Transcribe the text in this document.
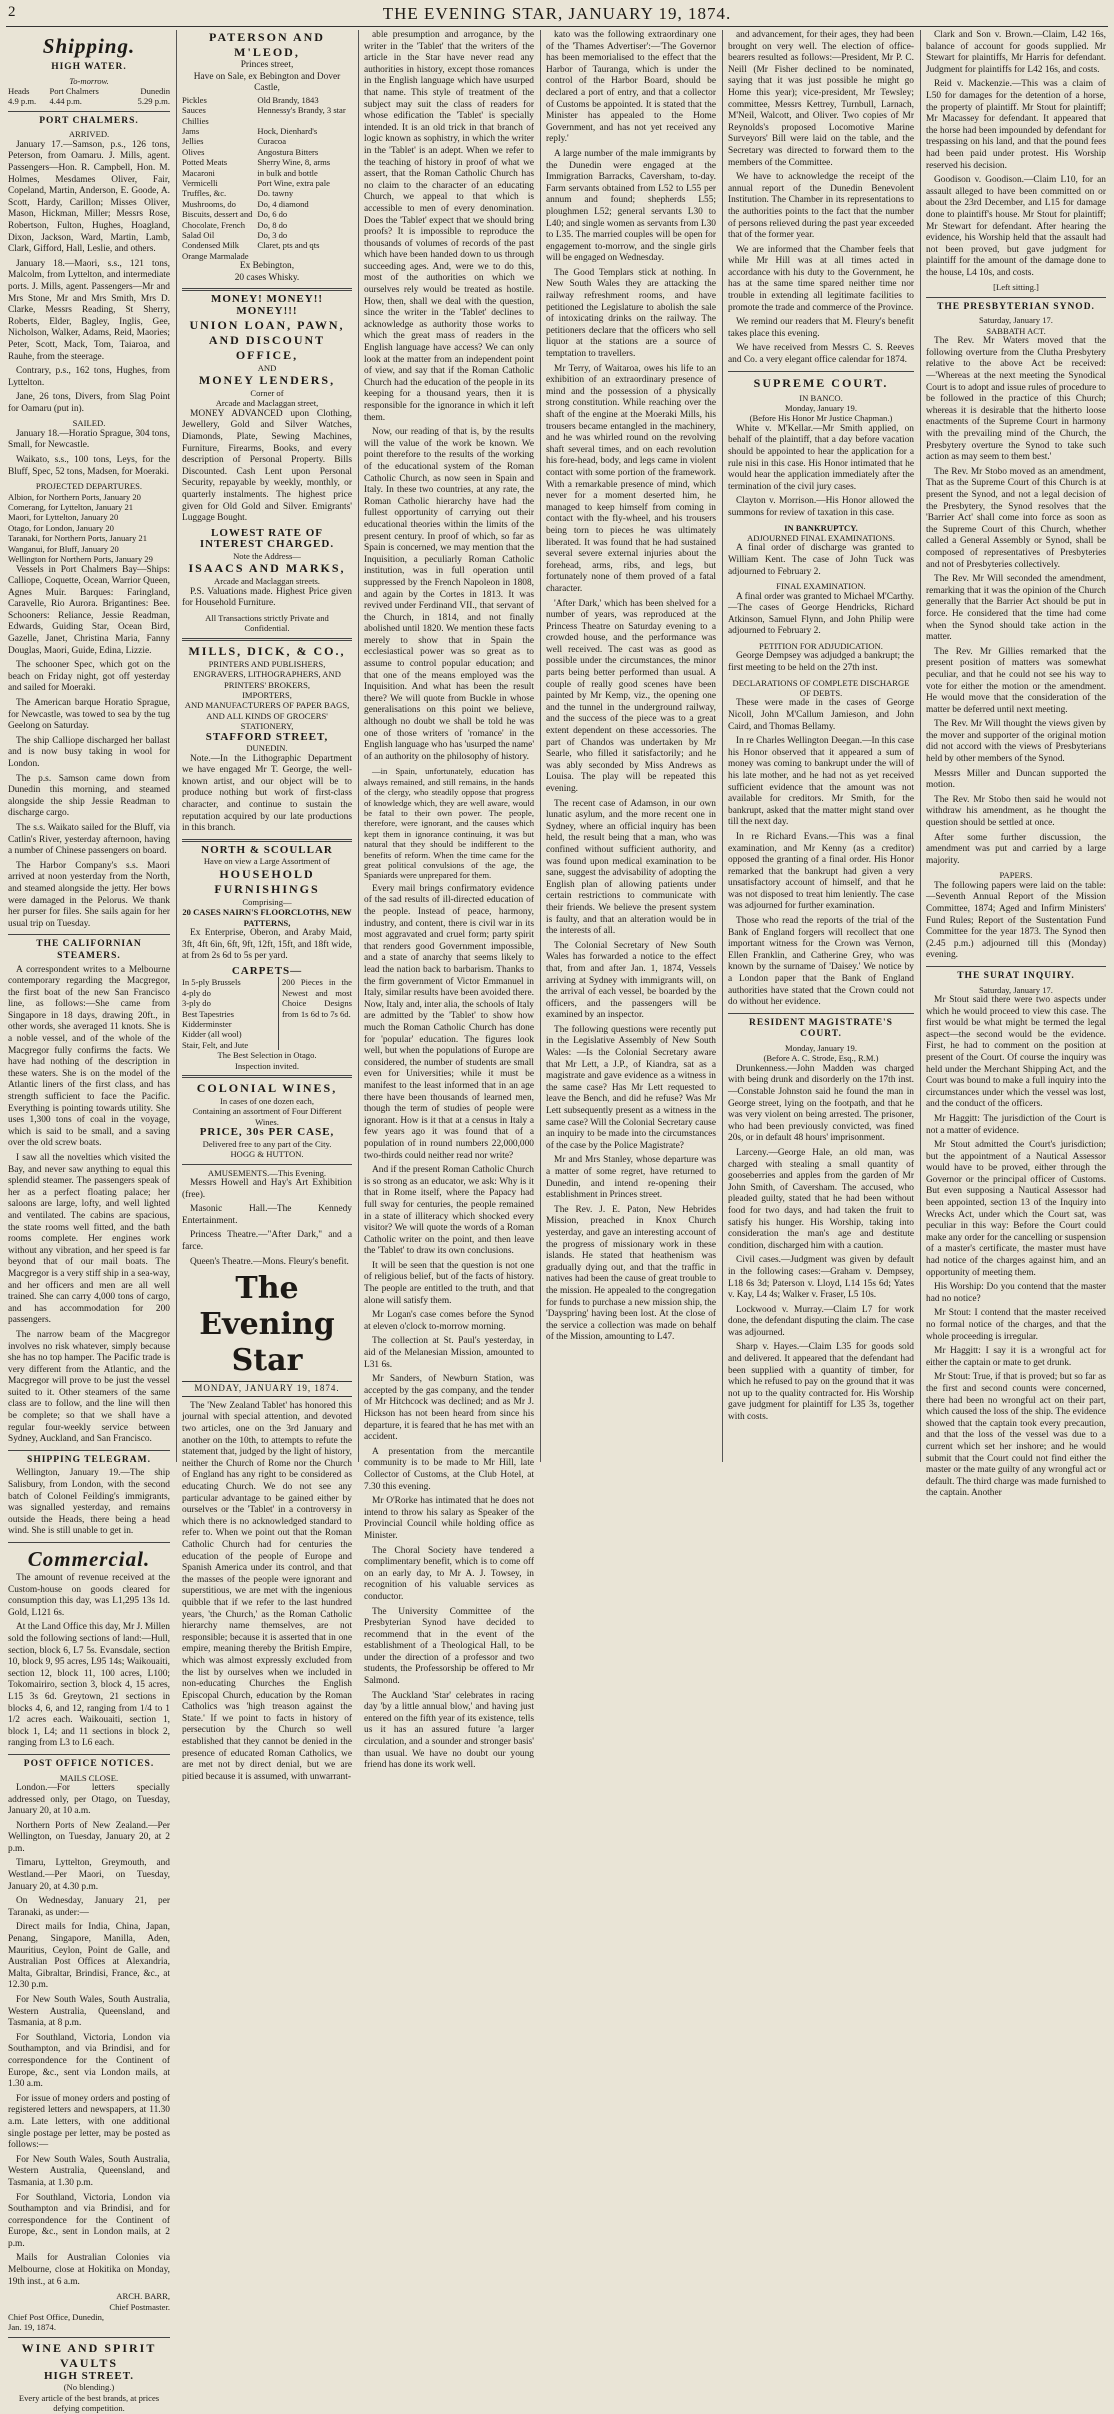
2	THE EVENING STAR, JANUARY 19, 1874.
Shipping.
HIGH WATER.
To-morrow.
Heads	Port Chalmers	Dunedin
4.9 p.m.	4.44 p.m.	5.29 p.m.
PORT CHALMERS.
ARRIVED.

January 17.—Samson, p.s., 126 tons, Peterson, from Oamaru. J. Mills, agent. Passengers—Hon. R. Campbell, Hon. M. Holmes, Mesdames Oliver, Fair, Copeland, Martin, Anderson, E. Goode, A. Scott, Hardy, Carillon; Misses Oliver, Mason, Hickman, Miller; Messrs Rose, Robertson, Fulton, Hughes, Hoagland, Dixon, Jackson, Ward, Martin, Lamb, Clark, Gifford, Hall, Leslie, and others.

January 18.—Maori, s.s., 121 tons, Malcolm, from Lyttelton, and intermediate ports. J. Mills, agent. Passengers—Mr and Mrs Stone, Mr and Mrs Smith, Mrs D. Clarke, Messrs Reading, St Sherry, Roberts, Elder, Bagley, Inglis, Gee, Nicholson, Walker, Adams, Reid, Maories; Peter, Scott, Mack, Tom, Taiaroa, and Rauhe, from the steerage.

Contrary, p.s., 162 tons, Hughes, from Lyttelton.

Jane, 26 tons, Divers, from Slag Point for Oamaru (put in).

SAILED.

January 18.—Horatio Sprague, 304 tons, Small, for Newcastle.

Waikato, s.s., 100 tons, Leys, for the Bluff, Spec, 52 tons, Madsen, for Moeraki.

PROJECTED DEPARTURES.
Albion, for Northern Ports, January 20
Comerang, for Lyttelton, January 21
Maori, for Lyttelton, January 20
Otago, for London, January 20
Taranaki, for Northern Ports, January 21
Wanganui, for Bluff, January 20
Wellington for Northern Ports, January 29

Vessels in Port Chalmers Bay—Ships: Calliope, Coquette, Ocean, Warrior Queen, Agnes Muir. Barques: Faringland, Caravelle, Rio Aurora. Brigantines: Bee. Schooners: Reliance, Jessie Readman, Edwards, Guiding Star, Ocean Bird, Gazelle, Janet, Christina Maria, Fanny Douglas, Maori, Guide, Edina, Lizzie.

The schooner Spec, which got on the beach on Friday night, got off yesterday and sailed for Moeraki.

The American barque Horatio Sprague, for Newcastle, was towed to sea by the tug Geelong on Saturday.

The ship Calliope discharged her ballast and is now busy taking in wool for London.

The p.s. Samson came down from Dunedin this morning, and steamed alongside the ship Jessie Readman to discharge cargo.

The s.s. Waikato sailed for the Bluff, via Catlin's River, yesterday afternoon, having a number of Chinese passengers on board.

The Harbor Company's s.s. Maori arrived at noon yesterday from the North, and steamed alongside the jetty. Her bows were damaged in the Pelorus. We thank her purser for files. She sails again for her usual trip on Tuesday.

THE CALIFORNIAN STEAMERS.

A correspondent writes to a Melbourne contemporary regarding the Macgregor, the first boat of the new San Francisco line, as follows:—She came from Singapore in 18 days, drawing 20ft., in other words, she averaged 11 knots. She is a noble vessel, and of the whole of the Macgregor fully confirms the facts. We have had nothing of the description in these waters. She is on the model of the Atlantic liners of the first class, and has strength sufficient to face the Pacific. Everything is pointing towards utility. She uses 1,300 tons of coal in the voyage, which is said to be small, and a saving over the old screw boats.

I saw all the novelties which visited the Bay, and never saw anything to equal this splendid steamer. The passengers speak of her as a perfect floating palace; her saloons are large, lofty, and well lighted and ventilated. The cabins are spacious, the state rooms well fitted, and the bath rooms complete. Her engines work without any vibration, and her speed is far beyond that of our mail boats. The Macgregor is a very stiff ship in a sea-way, and her officers and men are all well trained. She can carry 4,000 tons of cargo, and has accommodation for 200 passengers.

The narrow beam of the Macgregor involves no risk whatever, simply because she has no top hamper. The Pacific trade is very different from the Atlantic, and the Macgregor will prove to be just the vessel suited to it. Other steamers of the same class are to follow, and the line will then be complete; so that we shall have a regular four-weekly service between Sydney, Auckland, and San Francisco.

SHIPPING TELEGRAM.

Wellington, January 19.—The ship Salisbury, from London, with the second batch of Colonel Feilding's immigrants, was signalled yesterday, and remains outside the Heads, there being a head wind. She is still unable to get in.

Commercial.

The amount of revenue received at the Custom-house on goods cleared for consumption this day, was L1,295 13s 1d. Gold, L121 6s.

At the Land Office this day, Mr J. Millen sold the following sections of land:—Hull, section, block 6, L7 5s. Evansdale, section 10, block 9, 95 acres, L95 14s; Waikouaiti, section 12, block 11, 100 acres, L100; Tokomairiro, section 3, block 4, 15 acres, L15 3s 6d. Greytown, 21 sections in blocks 4, 6, and 12, ranging from 1/4 to 1 1/2 acres each. Waikouaiti, section 1, block 1, L4; and 11 sections in block 2, ranging from L3 to L6 each.

POST OFFICE NOTICES.
MAILS CLOSE.

London.—For letters specially addressed only, per Otago, on Tuesday, January 20, at 10 a.m.

Northern Ports of New Zealand.—Per Wellington, on Tuesday, January 20, at 2 p.m.

Timaru, Lyttelton, Greymouth, and Westland.—Per Maori, on Tuesday, January 20, at 4.30 p.m.

On Wednesday, January 21, per Taranaki, as under:—

Direct mails for India, China, Japan, Penang, Singapore, Manilla, Aden, Mauritius, Ceylon, Point de Galle, and Australian Post Offices at Alexandria, Malta, Gibraltar, Brindisi, France, &c., at 12.30 p.m.

For New South Wales, South Australia, Western Australia, Queensland, and Tasmania, at 8 p.m.

For Southland, Victoria, London via Southampton, and via Brindisi, and for correspondence for the Continent of Europe, &c., sent via London mails, at 1.30 a.m.

For issue of money orders and posting of registered letters and newspapers, at 11.30 a.m. Late letters, with one additional single postage per letter, may be posted as follows:—

For New South Wales, South Australia, Western Australia, Queensland, and Tasmania, at 1.30 p.m.

For Southland, Victoria, London via Southampton and via Brindisi, and for correspondence for the Continent of Europe, &c., sent in London mails, at 2 p.m.

Mails for Australian Colonies via Melbourne, close at Hokitika on Monday, 19th inst., at 6 a.m.

ARCH. BARR,
Chief Postmaster.
Chief Post Office, Dunedin,
Jan. 19, 1874.
WINE AND SPIRIT VAULTS
HIGH STREET.
(No blending.)
Every article of the best brands, at prices defying competition.
PATERSON AND M'LEOD,
Princes street,
Have on Sale, ex Bebington and Dover
Castle,
Pickles	Old Brandy, 1843
Sauces	Hennessy's Brandy, 3 star
Chillies	
Jams	Hock, Dienhard's
Jellies	Curacoa
Olives	Angostura Bitters
Potted Meats	Sherry Wine, 8, arms
Macaroni	in bulk and bottle
Vermicelli	Port Wine, extra pale
Truffles, &c.	Do. tawny
Mushrooms, do	Do, 4 diamond
Biscuits, dessert and	Do, 6 do
Chocolate, French	Do, 8 do
Salad Oil	Do, 3 do
Condensed Milk	Claret, pts and qts
Orange Marmalade	
Ex Bebington,
20 cases Whisky.
MONEY! MONEY!! MONEY!!!
UNION LOAN, PAWN, AND DISCOUNT OFFICE,
AND
MONEY LENDERS,
Corner of
Arcade and Maclaggan street,

MONEY ADVANCED upon Clothing, Jewellery, Gold and Silver Watches, Diamonds, Plate, Sewing Machines, Furniture, Firearms, Books, and every description of Personal Property. Bills Discounted. Cash Lent upon Personal Security, repayable by weekly, monthly, or quarterly instalments. The highest price given for Old Gold and Silver. Emigrants' Luggage Bought.

LOWEST RATE OF INTEREST CHARGED.
Note the Address—
ISAACS AND MARKS,
Arcade and Maclaggan streets.

P.S. Valuations made. Highest Price given for Household Furniture.

All Transactions strictly Private and Confidential.
MILLS, DICK, & CO.,
PRINTERS AND PUBLISHERS,
ENGRAVERS, LITHOGRAPHERS, AND PRINTERS' BROKERS,
IMPORTERS,
AND MANUFACTURERS OF PAPER BAGS, AND ALL KINDS OF GROCERS' STATIONERY,
STAFFORD STREET,
DUNEDIN.

Note.—In the Lithographic Department we have engaged Mr T. George, the well-known artist, and our object will be to produce nothing but work of first-class character, and continue to sustain the reputation acquired by our late productions in this branch.

NORTH & SCOULLAR
Have on view a Large Assortment of
HOUSEHOLD FURNISHINGS
Comprising—
20 CASES NAIRN'S FLOORCLOTHS, NEW PATTERNS,

Ex Enterprise, Oberon, and Araby Maid, 3ft, 4ft 6in, 6ft, 9ft, 12ft, 15ft, and 18ft wide, at from 2s 6d to 5s per yard.

CARPETS—
In 5-ply Brussels
4-ply do
3-ply do
Best Tapestries
Kidderminster
Kidder (all wool)
Stair, Felt, and Jute
200 Pieces in the Newest and most Choice Designs from 1s 6d to 7s 6d.
The Best Selection in Otago.
Inspection invited.
COLONIAL WINES,
In cases of one dozen each,
Containing an assortment of Four Different
Wines.
PRICE, 30s PER CASE,
Delivered free to any part of the City.
HOGG & HUTTON.
AMUSEMENTS.—This Evening.

Messrs Howell and Hay's Art Exhibition (free).

Masonic Hall.—The Kennedy Entertainment.

Princess Theatre.—"After Dark," and a farce.

Queen's Theatre.—Mons. Fleury's benefit.

The Evening Star
MONDAY, JANUARY 19, 1874.

The 'New Zealand Tablet' has honored this journal with special attention, and devoted two articles, one on the 3rd January and another on the 10th, to attempts to refute the statement that, judged by the light of history, neither the Church of Rome nor the Church of England has any right to be considered as educating Church. We do not see any particular advantage to be gained either by ourselves or the 'Tablet' in a controversy in which there is no acknowledged standard to refer to. When we point out that the Roman Catholic Church had for centuries the education of the people of Europe and Spanish America under its control, and that the masses of the people were ignorant and superstitious, we are met with the ingenious quibble that if we refer to the last hundred years, 'the Church,' as the Roman Catholic hierarchy name themselves, are not responsible; because it is asserted that in one empire, meaning thereby the British Empire, which was almost expressly excluded from the list by ourselves when we included in non-educating Churches the English Episcopal Church, education by the Roman Catholics was 'high treason against the State.' If we point to facts in history of persecution by the Church so well established that they cannot be denied in the presence of educated Roman Catholics, we are met not by direct denial, but we are pitied because it is assumed, with unwarrant-

able presumption and arrogance, by the writer in the 'Tablet' that the writers of the article in the Star have never read any authorities in history, except those romances in the English language which have usurped that name. This style of treatment of the subject may suit the class of readers for whose edification the 'Tablet' is specially intended. It is an old trick in that branch of logic known as sophistry, in which the writer in the 'Tablet' is an adept. When we refer to the teaching of history in proof of what we assert, that the Roman Catholic Church has no claim to the character of an educating Church, we appeal to that which is accessible to men of every denomination. Does the 'Tablet' expect that we should bring proofs? It is impossible to reproduce the thousands of volumes of records of the past which have been handed down to us through succeeding ages. And, were we to do this, most of the authorities on which we ourselves rely would be treated as hostile. How, then, shall we deal with the question, since the writer in the 'Tablet' declines to acknowledge as authority those works to which the great mass of readers in the English language have access? We can only look at the matter from an independent point of view, and say that if the Roman Catholic Church had the education of the people in its keeping for a thousand years, then it is responsible for the ignorance in which it left them.

Now, our reading of that is, by the results will the value of the work be known. We point therefore to the results of the working of the educational system of the Roman Catholic Church, as now seen in Spain and Italy. In these two countries, at any rate, the Roman Catholic hierarchy have had the fullest opportunity of carrying out their educational theories within the limits of the present century. In proof of which, so far as Spain is concerned, we may mention that the Inquisition, a peculiarly Roman Catholic institution, was in full operation until suppressed by the French Napoleon in 1808, and again by the Cortes in 1813. It was revived under Ferdinand VII., that servant of the Church, in 1814, and not finally abolished until 1820. We mention these facts merely to show that in Spain the ecclesiastical power was so great as to assume to control popular education; and that one of the means employed was the Inquisition. And what has been the result there? We will quote from Buckle in whose generalisations on this point we believe, although no doubt we shall be told he was one of those writers of 'romance' in the English language who has 'usurped the name' of an authority on the philosophy of history.

—in Spain, unfortunately, education has always remained, and still remains, in the hands of the clergy, who steadily oppose that progress of knowledge which, they are well aware, would be fatal to their own power. The people, therefore, were ignorant, and the causes which kept them in ignorance continuing, it was but natural that they should be indifferent to the benefits of reform. When the time came for the great political convulsions of the age, the Spaniards were unprepared for them.

Every mail brings confirmatory evidence of the sad results of ill-directed education of the people. Instead of peace, harmony, industry, and content, there is civil war in its most aggravated and cruel form; party spirit that renders good Government impossible, and a state of anarchy that seems likely to lead the nation back to barbarism. Thanks to the firm government of Victor Emmanuel in Italy, similar results have been avoided there. Now, Italy and, inter alia, the schools of Italy are admitted by the 'Tablet' to show how much the Roman Catholic Church has done for 'popular' education. The figures look well, but when the populations of Europe are considered, the number of students are small even for Universities; while it must be manifest to the least informed that in an age there have been thousands of learned men, though the term of studies of people were ignorant. How is it that at a census in Italy a few years ago it was found that of a population of in round numbers 22,000,000 two-thirds could neither read nor write?

And if the present Roman Catholic Church is so strong as an educator, we ask: Why is it that in Rome itself, where the Papacy had full sway for centuries, the people remained in a state of illiteracy which shocked every visitor? We will quote the words of a Roman Catholic writer on the point, and then leave the 'Tablet' to draw its own conclusions.

It will be seen that the question is not one of religious belief, but of the facts of history. The people are entitled to the truth, and that alone will satisfy them.

Mr Logan's case comes before the Synod at eleven o'clock to-morrow morning.

The collection at St. Paul's yesterday, in aid of the Melanesian Mission, amounted to L31 6s.

Mr Sanders, of Newburn Station, was accepted by the gas company, and the tender of Mr Hitchcock was declined; and as Mr J. Hickson has not been heard from since his departure, it is feared that he has met with an accident.

A presentation from the mercantile community is to be made to Mr Hill, late Collector of Customs, at the Club Hotel, at 7.30 this evening.

Mr O'Rorke has intimated that he does not intend to throw his salary as Speaker of the Provincial Council while holding office as Minister.

The Choral Society have tendered a complimentary benefit, which is to come off on an early day, to Mr A. J. Towsey, in recognition of his valuable services as conductor.

The University Committee of the Presbyterian Synod have decided to recommend that in the event of the establishment of a Theological Hall, to be under the direction of a professor and two students, the Professorship be offered to Mr Salmond.

The Auckland 'Star' celebrates in racing day 'by a little annual blow,' and having just entered on the fifth year of its existence, tells us it has an assured future 'a larger circulation, and a sounder and stronger basis' than usual. We have no doubt our young friend has done its work well.

kato was the following extraordinary one of the 'Thames Advertiser':—'The Governor has been memorialised to the effect that the Harbor of Tauranga, which is under the control of the Harbor Board, should be declared a port of entry, and that a collector of Customs be appointed. It is stated that the Minister has appealed to the Home Government, and has not yet received any reply.'

A large number of the male immigrants by the Dunedin were engaged at the Immigration Barracks, Caversham, to-day. Farm servants obtained from L52 to L55 per annum and found; shepherds L55; ploughmen L52; general servants L30 to L40; and single women as servants from L30 to L35. The married couples will be open for engagement to-morrow, and the single girls will be engaged on Wednesday.

The Good Templars stick at nothing. In New South Wales they are attacking the railway refreshment rooms, and have petitioned the Legislature to abolish the sale of intoxicating drinks on the railway. The petitioners declare that the officers who sell liquor at the stations are a source of temptation to travellers.

Mr Terry, of Waitaroa, owes his life to an exhibition of an extraordinary presence of mind and the possession of a physically strong constitution. While reaching over the shaft of the engine at the Moeraki Mills, his trousers became entangled in the machinery, and he was whirled round on the revolving shaft several times, and on each revolution his fore-head, body, and legs came in violent contact with some portion of the framework. With a remarkable presence of mind, which never for a moment deserted him, he managed to keep himself from coming in contact with the fly-wheel, and his trousers being torn to pieces he was ultimately liberated. It was found that he had sustained several severe external injuries about the forehead, arms, ribs, and legs, but fortunately none of them proved of a fatal character.

'After Dark,' which has been shelved for a number of years, was reproduced at the Princess Theatre on Saturday evening to a crowded house, and the performance was well received. The cast was as good as possible under the circumstances, the minor parts being better performed than usual. A couple of really good scenes have been painted by Mr Kemp, viz., the opening one and the tunnel in the underground railway, and the success of the piece was to a great extent dependent on these accessories. The part of Chandos was undertaken by Mr Searle, who filled it satisfactorily; and he was ably seconded by Miss Andrews as Louisa. The play will be repeated this evening.

The recent case of Adamson, in our own lunatic asylum, and the more recent one in Sydney, where an official inquiry has been held, the result being that a man, who was confined without sufficient authority, and was found upon medical examination to be sane, suggest the advisability of adopting the English plan of allowing patients under certain restrictions to communicate with their friends. We believe the present system is faulty, and that an alteration would be in the interests of all.

The Colonial Secretary of New South Wales has forwarded a notice to the effect that, from and after Jan. 1, 1874, Vessels arriving at Sydney with immigrants will, on the arrival of each vessel, be boarded by the officers, and the passengers will be examined by an inspector.

The following questions were recently put in the Legislative Assembly of New South Wales: —Is the Colonial Secretary aware that Mr Lett, a J.P., of Kiandra, sat as a magistrate and gave evidence as a witness in the same case? Has Mr Lett requested to leave the Bench, and did he refuse? Was Mr Lett subsequently present as a witness in the same case? Will the Colonial Secretary cause an inquiry to be made into the circumstances of the case by the Police Magistrate?

Mr and Mrs Stanley, whose departure was a matter of some regret, have returned to Dunedin, and intend re-opening their establishment in Princes street.

The Rev. J. E. Paton, New Hebrides Mission, preached in Knox Church yesterday, and gave an interesting account of the progress of missionary work in these islands. He stated that heathenism was gradually dying out, and that the traffic in natives had been the cause of great trouble to the mission. He appealed to the congregation for funds to purchase a new mission ship, the 'Dayspring' having been lost. At the close of the service a collection was made on behalf of the Mission, amounting to L47.

and advancement, for their ages, they had been brought on very well. The election of office-bearers resulted as follows:—President, Mr P. C. Neill (Mr Fisher declined to be nominated, saying that it was just possible he might go Home this year); vice-president, Mr Tewsley; committee, Messrs Kettrey, Turnbull, Larnach, M'Neil, Walcott, and Oliver. Two copies of Mr Reynolds's proposed Locomotive Marine Surveyors' Bill were laid on the table, and the Secretary was directed to forward them to the members of the Committee.

We have to acknowledge the receipt of the annual report of the Dunedin Benevolent Institution. The Chamber in its representations to the authorities points to the fact that the number of persons relieved during the past year exceeded that of the former year.

We are informed that the Chamber feels that while Mr Hill was at all times acted in accordance with his duty to the Government, he has at the same time spared neither time nor trouble in extending all legitimate facilities to promote the trade and commerce of the Province.

We remind our readers that M. Fleury's benefit takes place this evening.

We have received from Messrs C. S. Reeves and Co. a very elegant office calendar for 1874.

SUPREME COURT.
IN BANCO.
Monday, January 19.
(Before His Honor Mr Justice Chapman.)

White v. M'Kellar.—Mr Smith applied, on behalf of the plaintiff, that a day before vacation should be appointed to hear the application for a rule nisi in this case. His Honor intimated that he would hear the application immediately after the termination of the civil jury cases.

Clayton v. Morrison.—His Honor allowed the summons for review of taxation in this case.

IN BANKRUPTCY.
ADJOURNED FINAL EXAMINATIONS.

A final order of discharge was granted to William Kent. The case of John Tuck was adjourned to February 2.

FINAL EXAMINATION.

A final order was granted to Michael M'Carthy.—The cases of George Hendricks, Richard Atkinson, Samuel Flynn, and John Philip were adjourned to February 2.

PETITION FOR ADJUDICATION.

George Dempsey was adjudged a bankrupt; the first meeting to be held on the 27th inst.

DECLARATIONS OF COMPLETE DISCHARGE OF DEBTS.

These were made in the cases of George Nicoll, John M'Callum Jamieson, and John Caird, and Thomas Bellamy.

In re Charles Wellington Deegan.—In this case his Honor observed that it appeared a sum of money was coming to bankrupt under the will of his late mother, and he had not as yet received sufficient evidence that the amount was not available for creditors. Mr Smith, for the bankrupt, asked that the matter might stand over till the next day.

In re Richard Evans.—This was a final examination, and Mr Kenny (as a creditor) opposed the granting of a final order. His Honor remarked that the bankrupt had given a very unsatisfactory account of himself, and that he was not disposed to treat him leniently. The case was adjourned for further examination.

Those who read the reports of the trial of the Bank of England forgers will recollect that one important witness for the Crown was Vernon, Ellen Franklin, and Catherine Grey, who was known by the surname of 'Daisey.' We notice by a London paper that the Bank of England authorities have stated that the Crown could not do without her evidence.

RESIDENT MAGISTRATE'S COURT.
Monday, January 19.
(Before A. C. Strode, Esq., R.M.)

Drunkenness.—John Madden was charged with being drunk and disorderly on the 17th inst.—Constable Johnston said he found the man in George street, lying on the footpath, and that he was very violent on being arrested. The prisoner, who had been previously convicted, was fined 20s, or in default 48 hours' imprisonment.

Larceny.—George Hale, an old man, was charged with stealing a small quantity of gooseberries and apples from the garden of Mr John Smith, of Caversham. The accused, who pleaded guilty, stated that he had been without food for two days, and had taken the fruit to satisfy his hunger. His Worship, taking into consideration the man's age and destitute condition, discharged him with a caution.

Civil cases.—Judgment was given by default in the following cases:—Graham v. Dempsey, L18 6s 3d; Paterson v. Lloyd, L14 15s 6d; Yates v. Kay, L4 4s; Walker v. Fraser, L5 10s.

Lockwood v. Murray.—Claim L7 for work done, the defendant disputing the claim. The case was adjourned.

Sharp v. Hayes.—Claim L35 for goods sold and delivered. It appeared that the defendant had been supplied with a quantity of timber, for which he refused to pay on the ground that it was not up to the quality contracted for. His Worship gave judgment for plaintiff for L35 3s, together with costs.

Clark and Son v. Brown.—Claim, L42 16s, balance of account for goods supplied. Mr Stewart for plaintiffs, Mr Harris for defendant. Judgment for plaintiffs for L42 16s, and costs.

Reid v. Mackenzie.—This was a claim of L50 for damages for the detention of a horse, the property of plaintiff. Mr Stout for plaintiff; Mr Macassey for defendant. It appeared that the horse had been impounded by defendant for trespassing on his land, and that the pound fees had been paid under protest. His Worship reserved his decision.

Goodison v. Goodison.—Claim L10, for an assault alleged to have been committed on or about the 23rd December, and L15 for damage done to plaintiff's house. Mr Stout for plaintiff; Mr Stewart for defendant. After hearing the evidence, his Worship held that the assault had not been proved, but gave judgment for plaintiff for the amount of the damage done to the house, L4 10s, and costs.

[Left sitting.]
THE PRESBYTERIAN SYNOD.
Saturday, January 17.
SABBATH ACT.

The Rev. Mr Waters moved that the following overture from the Clutha Presbytery relative to the above Act be received:—'Whereas at the next meeting the Synodical Court is to adopt and issue rules of procedure to be followed in the practice of this Church; whereas it is desirable that the hitherto loose enactments of the Supreme Court in harmony with the prevailing mind of the Church, the Presbytery overture the Synod to take such action as may seem to them best.'

The Rev. Mr Stobo moved as an amendment, That as the Supreme Court of this Church is at present the Synod, and not a legal decision of the Presbytery, the Synod resolves that the 'Barrier Act' shall come into force as soon as the Supreme Court of this Church, whether called a General Assembly or Synod, shall be composed of representatives of Presbyteries and not of Presbyteries collectively.

The Rev. Mr Will seconded the amendment, remarking that it was the opinion of the Church generally that the Barrier Act should be put in force. He considered that the time had come when the Synod should take action in the matter.

The Rev. Mr Gillies remarked that the present position of matters was somewhat peculiar, and that he could not see his way to vote for either the motion or the amendment. He would move that the consideration of the matter be deferred until next meeting.

The Rev. Mr Will thought the views given by the mover and supporter of the original motion did not accord with the views of Presbyterians held by other members of the Synod.

Messrs Miller and Duncan supported the motion.

The Rev. Mr Stobo then said he would not withdraw his amendment, as he thought the question should be settled at once.

After some further discussion, the amendment was put and carried by a large majority.

PAPERS.

The following papers were laid on the table:—Seventh Annual Report of the Mission Committee, 1874; Aged and Infirm Ministers' Fund Rules; Report of the Sustentation Fund Committee for the year 1873. The Synod then (2.45 p.m.) adjourned till this (Monday) evening.

THE SURAT INQUIRY.
Saturday, January 17.

Mr Stout said there were two aspects under which he would proceed to view this case. The first would be what might be termed the legal aspect—the second would be the evidence. First, he had to comment on the position at present of the Court. Of course the inquiry was held under the Merchant Shipping Act, and the Court was bound to make a full inquiry into the circumstances under which the vessel was lost, and the conduct of the officers.

Mr Haggitt: The jurisdiction of the Court is not a matter of evidence.

Mr Stout admitted the Court's jurisdiction; but the appointment of a Nautical Assessor would have to be proved, either through the Governor or the principal officer of Customs. But even supposing a Nautical Assessor had been appointed, section 13 of the Inquiry into Wrecks Act, under which the Court sat, was peculiar in this way: Before the Court could make any order for the cancelling or suspension of a master's certificate, the master must have had notice of the charges against him, and an opportunity of meeting them.

His Worship: Do you contend that the master had no notice?

Mr Stout: I contend that the master received no formal notice of the charges, and that the whole proceeding is irregular.

Mr Haggitt: I say it is a wrongful act for either the captain or mate to get drunk.

Mr Stout: True, if that is proved; but so far as the first and second counts were concerned, there had been no wrongful act on their part, which caused the loss of the ship. The evidence showed that the captain took every precaution, and that the loss of the vessel was due to a current which set her inshore; and he would submit that the Court could not find either the master or the mate guilty of any wrongful act or default. The third charge was made furnished to the captain. Another
